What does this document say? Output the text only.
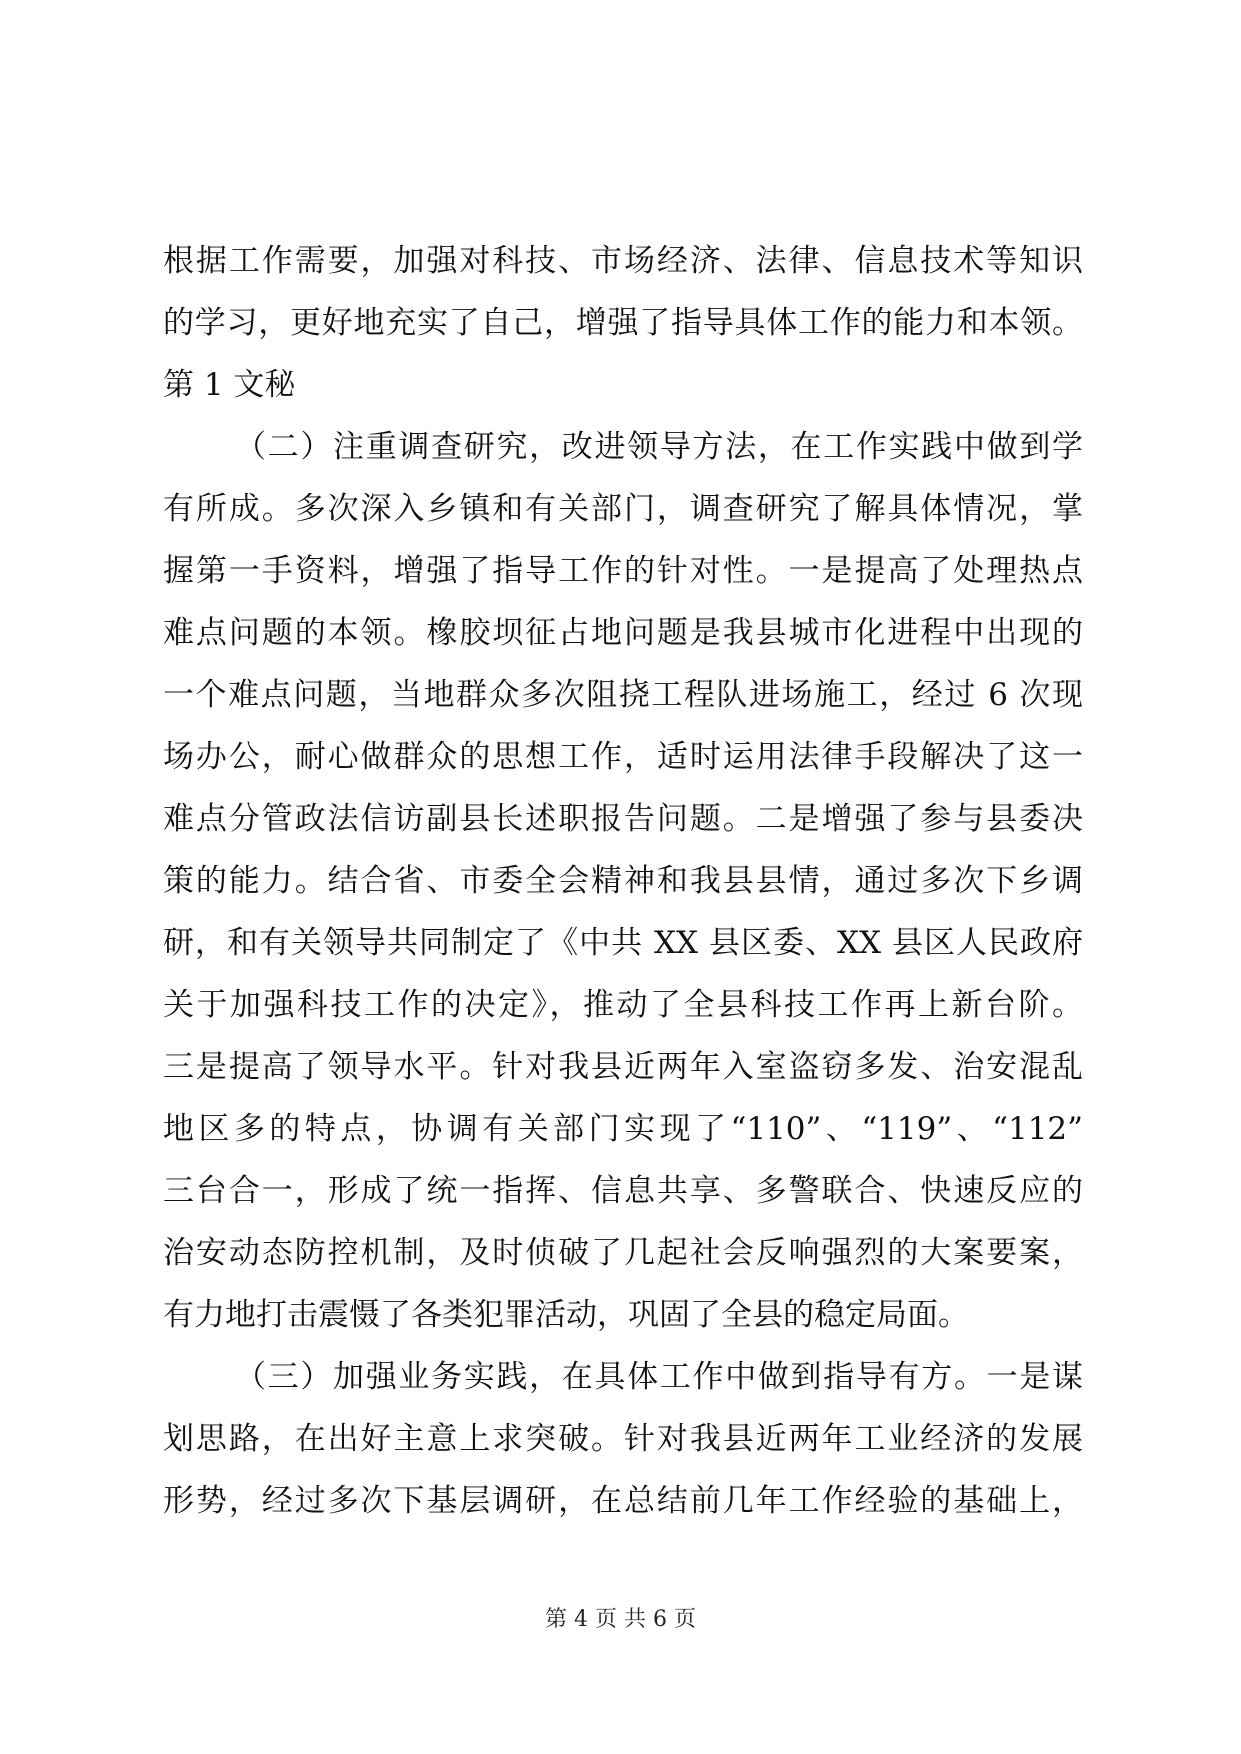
根据工作需要，加强对科技、市场经济、法律、信息技术等知识
的学习，更好地充实了自己，增强了指导具体工作的能力和本领。
第 1 文秘
（二）注重调查研究，改进领导方法，在工作实践中做到学
有所成。多次深入乡镇和有关部门，调查研究了解具体情况，掌
握第一手资料，增强了指导工作的针对性。一是提高了处理热点
难点问题的本领。橡胶坝征占地问题是我县城市化进程中出现的
一个难点问题，当地群众多次阻挠工程队进场施工，经过 6 次现
场办公，耐心做群众的思想工作，适时运用法律手段解决了这一
难点分管政法信访副县长述职报告问题。二是增强了参与县委决
策的能力。结合省、市委全会精神和我县县情，通过多次下乡调
研，和有关领导共同制定了《中共 XX 县区委、XX 县区人民政府
关于加强科技工作的决定》，推动了全县科技工作再上新台阶。
三是提高了领导水平。针对我县近两年入室盗窃多发、治安混乱
地区多的特点，协调有关部门实现了“110”、“119”、“112”
三台合一，形成了统一指挥、信息共享、多警联合、快速反应的
治安动态防控机制，及时侦破了几起社会反响强烈的大案要案，
有力地打击震慑了各类犯罪活动，巩固了全县的稳定局面。
（三）加强业务实践，在具体工作中做到指导有方。一是谋
划思路，在出好主意上求突破。针对我县近两年工业经济的发展
形势，经过多次下基层调研，在总结前几年工作经验的基础上，
第 4 页 共 6 页
